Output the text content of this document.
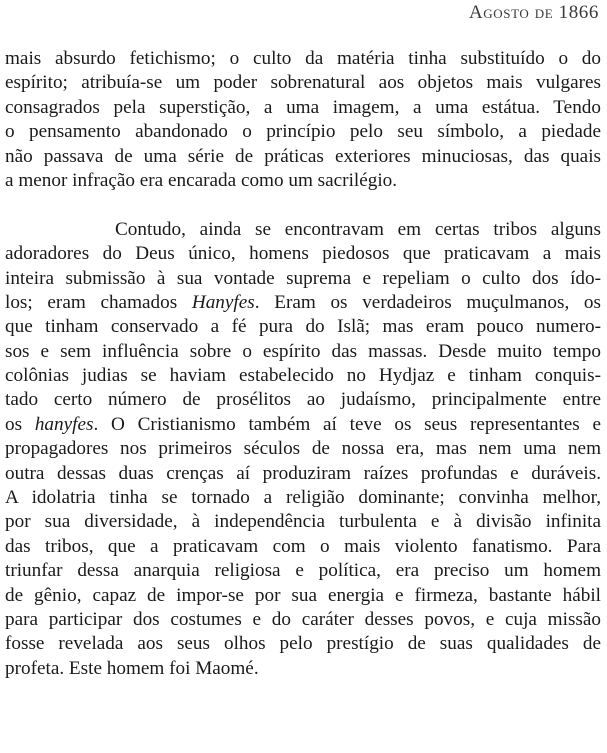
Agosto de 1866
mais absurdo fetichismo; o culto da matéria tinha substituído o do
espírito; atribuía-se um poder sobrenatural aos objetos mais vulgares
consagrados pela superstição, a uma imagem, a uma estátua. Tendo
o pensamento abandonado o princípio pelo seu símbolo, a piedade
não passava de uma série de práticas exteriores minuciosas, das quais
a menor infração era encarada como um sacrilégio.
Contudo, ainda se encontravam em certas tribos alguns
adoradores do Deus único, homens piedosos que praticavam a mais
inteira submissão à sua vontade suprema e repeliam o culto dos ído-
los; eram chamados Hanyfes. Eram os verdadeiros muçulmanos, os
que tinham conservado a fé pura do Islã; mas eram pouco numero-
sos e sem influência sobre o espírito das massas. Desde muito tempo
colônias judias se haviam estabelecido no Hydjaz e tinham conquis-
tado certo número de prosélitos ao judaísmo, principalmente entre
os hanyfes. O Cristianismo também aí teve os seus representantes e
propagadores nos primeiros séculos de nossa era, mas nem uma nem
outra dessas duas crenças aí produziram raízes profundas e duráveis.
A idolatria tinha se tornado a religião dominante; convinha melhor,
por sua diversidade, à independência turbulenta e à divisão infinita
das tribos, que a praticavam com o mais violento fanatismo. Para
triunfar dessa anarquia religiosa e política, era preciso um homem
de gênio, capaz de impor-se por sua energia e firmeza, bastante hábil
para participar dos costumes e do caráter desses povos, e cuja missão
fosse revelada aos seus olhos pelo prestígio de suas qualidades de
profeta. Este homem foi Maomé.
